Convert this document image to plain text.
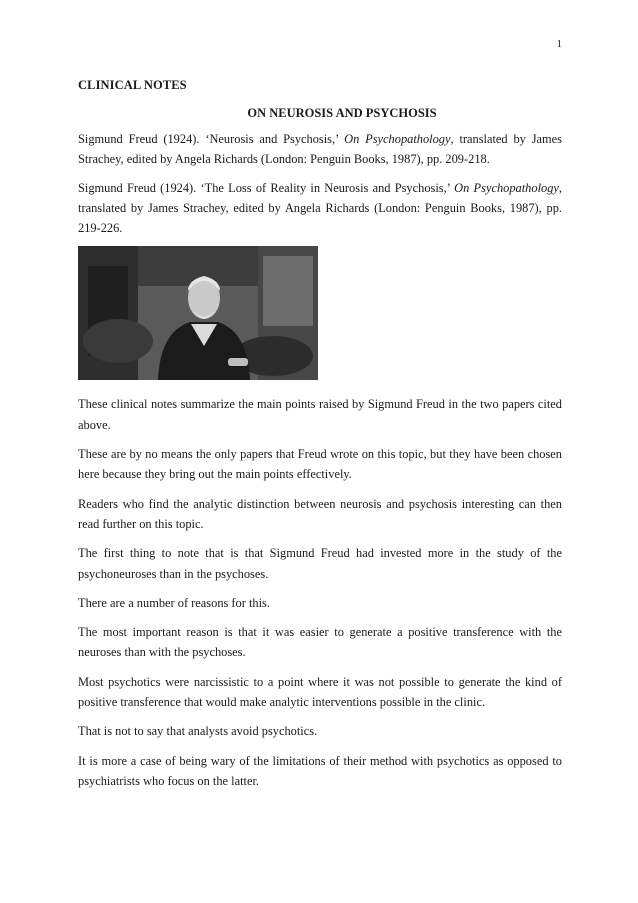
1
CLINICAL NOTES
ON NEUROSIS AND PSYCHOSIS

Sigmund Freud (1924). ‘Neurosis and Psychosis,’ On Psychopathology, translated by James Strachey, edited by Angela Richards (London: Penguin Books, 1987), pp. 209-218.

Sigmund Freud (1924). ‘The Loss of Reality in Neurosis and Psychosis,’ On Psychopathology, translated by James Strachey, edited by Angela Richards (London: Penguin Books, 1987), pp. 219-226.

These clinical notes summarize the main points raised by Sigmund Freud in the two papers cited above.

These are by no means the only papers that Freud wrote on this topic, but they have been chosen here because they bring out the main points effectively.

Readers who find the analytic distinction between neurosis and psychosis interesting can then read further on this topic.

The first thing to note that is that Sigmund Freud had invested more in the study of the psychoneuroses than in the psychoses.

There are a number of reasons for this.

The most important reason is that it was easier to generate a positive transference with the neuroses than with the psychoses.

Most psychotics were narcissistic to a point where it was not possible to generate the kind of positive transference that would make analytic interventions possible in the clinic.

That is not to say that analysts avoid psychotics.

It is more a case of being wary of the limitations of their method with psychotics as opposed to psychiatrists who focus on the latter.
